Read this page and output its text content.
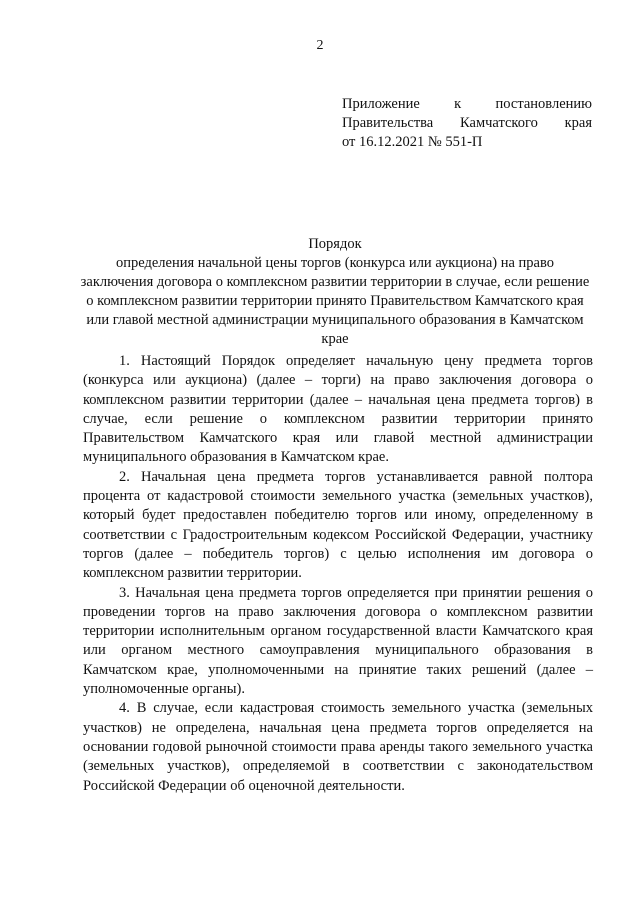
2
Приложение к постановлению
Правительства Камчатского края
от 16.12.2021 № 551-П
Порядок
определения начальной цены торгов (конкурса или аукциона) на право заключения договора о комплексном развитии территории в случае, если решение о комплексном развитии территории принято Правительством Камчатского края или главой местной администрации муниципального образования в Камчатском крае

1. Настоящий Порядок определяет начальную цену предмета торгов (конкурса или аукциона) (далее – торги) на право заключения договора о комплексном развитии территории (далее – начальная цена предмета торгов) в случае, если решение о комплексном развитии территории принято Правительством Камчатского края или главой местной администрации муниципального образования в Камчатском крае.

2. Начальная цена предмета торгов устанавливается равной полтора процента от кадастровой стоимости земельного участка (земельных участков), который будет предоставлен победителю торгов или иному, определенному в соответствии с Градостроительным кодексом Российской Федерации, участнику торгов (далее – победитель торгов) с целью исполнения им договора о комплексном развитии территории.

3. Начальная цена предмета торгов определяется при принятии решения о проведении торгов на право заключения договора о комплексном развитии территории исполнительным органом государственной власти Камчатского края или органом местного самоуправления муниципального образования в Камчатском крае, уполномоченными на принятие таких решений (далее – уполномоченные органы).

4. В случае, если кадастровая стоимость земельного участка (земельных участков) не определена, начальная цена предмета торгов определяется на основании годовой рыночной стоимости права аренды такого земельного участка (земельных участков), определяемой в соответствии с законодательством Российской Федерации об оценочной деятельности.
